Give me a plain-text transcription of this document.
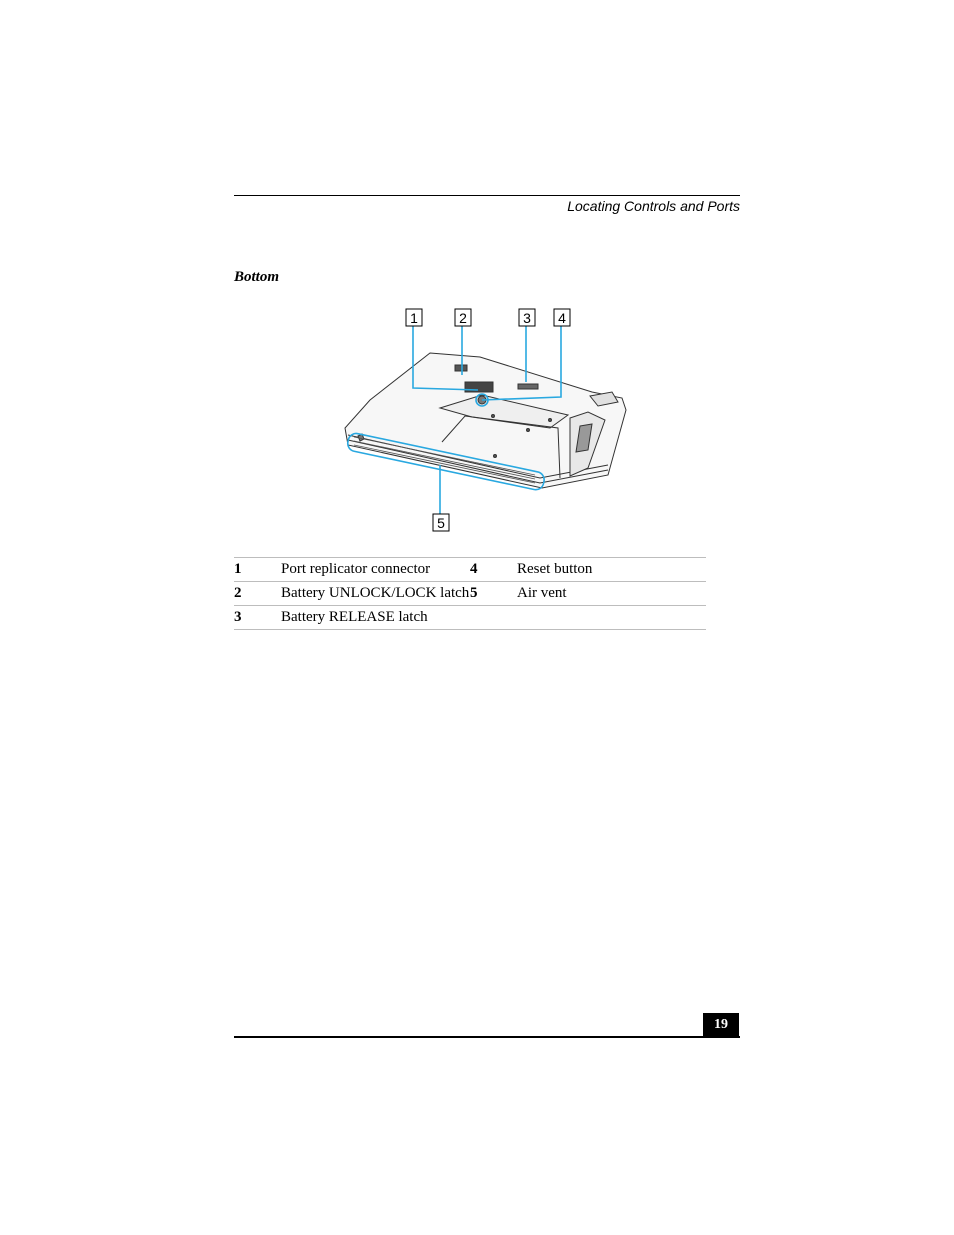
Locating Controls and Ports
Bottom
1	2	3 4
5
1	Port replicator connector	4	Reset button
2	Battery UNLOCK/LOCK latch	5	Air vent
3	Battery RELEASE latch		
19
